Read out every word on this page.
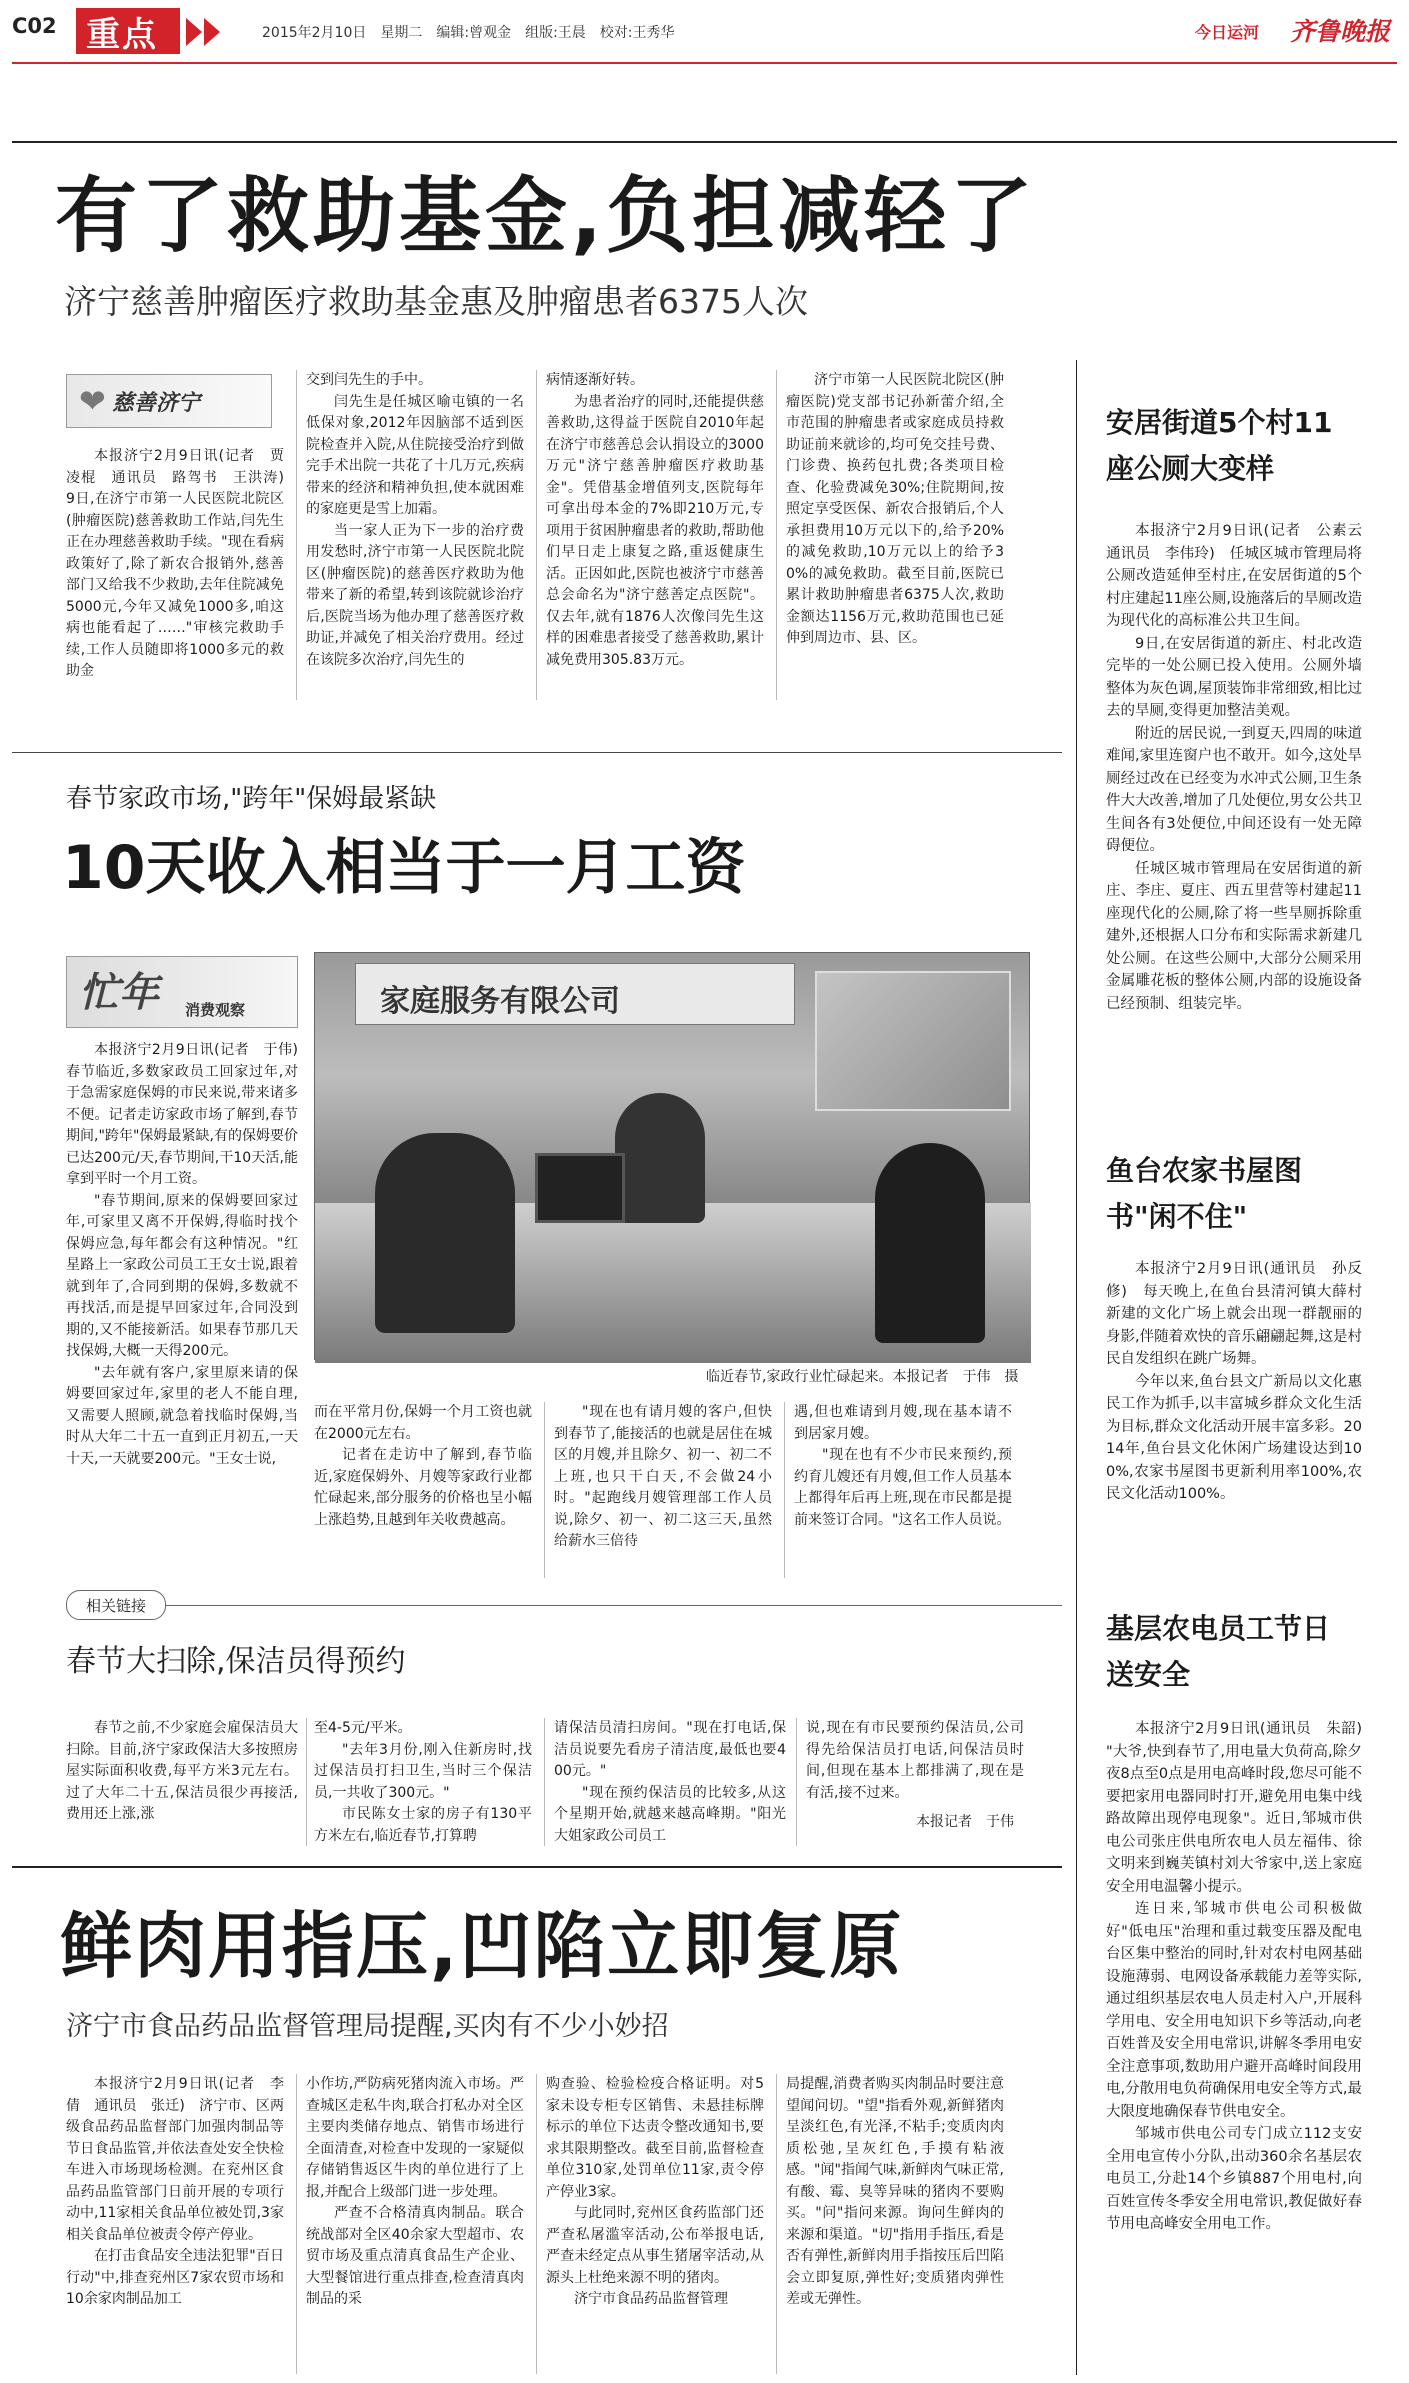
C02 重点	2015年2月10日　星期二　编辑:曾观金　组版:王晨　校对:王秀华	今日运河 齐鲁晚报
有了救助基金,负担减轻了
济宁慈善肿瘤医疗救助基金惠及肿瘤患者6375人次
❤ 慈善济宁

本报济宁2月9日讯(记者　贾凌棍　通讯员　路驾书　王洪涛)　9日,在济宁市第一人民医院北院区(肿瘤医院)慈善救助工作站,闫先生正在办理慈善救助手续。"现在看病政策好了,除了新农合报销外,慈善部门又给我不少救助,去年住院减免5000元,今年又减免1000多,咱这病也能看起了……"审核完救助手续,工作人员随即将1000多元的救助金

交到闫先生的手中。

闫先生是任城区喻屯镇的一名低保对象,2012年因脑部不适到医院检查并入院,从住院接受治疗到做完手术出院一共花了十几万元,疾病带来的经济和精神负担,使本就困难的家庭更是雪上加霜。

当一家人正为下一步的治疗费用发愁时,济宁市第一人民医院北院区(肿瘤医院)的慈善医疗救助为他带来了新的希望,转到该院就诊治疗后,医院当场为他办理了慈善医疗救助证,并减免了相关治疗费用。经过在该院多次治疗,闫先生的

病情逐渐好转。

为患者治疗的同时,还能提供慈善救助,这得益于医院自2010年起在济宁市慈善总会认捐设立的3000万元"济宁慈善肿瘤医疗救助基金"。凭借基金增值列支,医院每年可拿出母本金的7%即210万元,专项用于贫困肿瘤患者的救助,帮助他们早日走上康复之路,重返健康生活。正因如此,医院也被济宁市慈善总会命名为"济宁慈善定点医院"。仅去年,就有1876人次像闫先生这样的困难患者接受了慈善救助,累计减免费用305.83万元。

济宁市第一人民医院北院区(肿瘤医院)党支部书记孙新蕾介绍,全市范围的肿瘤患者或家庭成员持救助证前来就诊的,均可免交挂号费、门诊费、换药包扎费;各类项目检查、化验费减免30%;住院期间,按照定享受医保、新农合报销后,个人承担费用10万元以下的,给予20%的减免救助,10万元以上的给予30%的减免救助。截至目前,医院已累计救助肿瘤患者6375人次,救助金额达1156万元,救助范围也已延伸到周边市、县、区。

春节家政市场,"跨年"保姆最紧缺
10天收入相当于一月工资
忙年 消费观察	家庭服务有限公司
临近春节,家政行业忙碌起来。本报记者　于伟　摄

本报济宁2月9日讯(记者　于伟)　春节临近,多数家政员工回家过年,对于急需家庭保姆的市民来说,带来诸多不便。记者走访家政市场了解到,春节期间,"跨年"保姆最紧缺,有的保姆要价已达200元/天,春节期间,干10天活,能拿到平时一个月工资。

"春节期间,原来的保姆要回家过年,可家里又离不开保姆,得临时找个保姆应急,每年都会有这种情况。"红星路上一家政公司员工王女士说,跟着就到年了,合同到期的保姆,多数就不再找活,而是提早回家过年,合同没到期的,又不能接新活。如果春节那几天找保姆,大概一天得200元。

"去年就有客户,家里原来请的保姆要回家过年,家里的老人不能自理,又需要人照顾,就急着找临时保姆,当时从大年二十五一直到正月初五,一天十天,一天就要200元。"王女士说,

而在平常月份,保姆一个月工资也就在2000元左右。

记者在走访中了解到,春节临近,家庭保姆外、月嫂等家政行业都忙碌起来,部分服务的价格也呈小幅上涨趋势,且越到年关收费越高。

"现在也有请月嫂的客户,但快到春节了,能接活的也就是居住在城区的月嫂,并且除夕、初一、初二不上班,也只干白天,不会做24小时。"起跑线月嫂管理部工作人员说,除夕、初一、初二这三天,虽然给薪水三倍待

遇,但也难请到月嫂,现在基本请不到居家月嫂。

"现在也有不少市民来预约,预约育儿嫂还有月嫂,但工作人员基本上都得年后再上班,现在市民都是提前来签订合同。"这名工作人员说。

相关链接
春节大扫除,保洁员得预约

春节之前,不少家庭会雇保洁员大扫除。目前,济宁家政保洁大多按照房屋实际面积收费,每平方米3元左右。过了大年二十五,保洁员很少再接活,费用还上涨,涨

至4-5元/平米。

"去年3月份,刚入住新房时,找过保洁员打扫卫生,当时三个保洁员,一共收了300元。"

市民陈女士家的房子有130平方米左右,临近春节,打算聘

请保洁员清扫房间。"现在打电话,保洁员说要先看房子清洁度,最低也要400元。"

"现在预约保洁员的比较多,从这个星期开始,就越来越高峰期。"阳光大姐家政公司员工

说,现在有市民要预约保洁员,公司得先给保洁员打电话,问保洁员时间,但现在基本上都排满了,现在是有活,接不过来。

本报记者　于伟

鲜肉用指压,凹陷立即复原
济宁市食品药品监督管理局提醒,买肉有不少小妙招

本报济宁2月9日讯(记者　李倩　通讯员　张迁)　济宁市、区两级食品药品监督部门加强肉制品等节日食品监管,并依法查处安全快检车进入市场现场检测。在兖州区食品药品监管部门日前开展的专项行动中,11家相关食品单位被处罚,3家相关食品单位被责令停产停业。

在打击食品安全违法犯罪"百日行动"中,排查兖州区7家农贸市场和10余家肉制品加工

小作坊,严防病死猪肉流入市场。严查城区走私牛肉,联合打私办对全区主要肉类储存地点、销售市场进行全面清查,对检查中发现的一家疑似存储销售返区牛肉的单位进行了上报,并配合上级部门进一步处理。

严查不合格清真肉制品。联合统战部对全区40余家大型超市、农贸市场及重点清真食品生产企业、大型餐馆进行重点排查,检查清真肉制品的采

购查验、检验检疫合格证明。对5家未设专柜专区销售、未悬挂标牌标示的单位下达责令整改通知书,要求其限期整改。截至目前,监督检查单位310家,处罚单位11家,责令停产停业3家。

与此同时,兖州区食药监部门还严查私屠滥宰活动,公布举报电话,严查未经定点从事生猪屠宰活动,从源头上杜绝来源不明的猪肉。

济宁市食品药品监督管理

局提醒,消费者购买肉制品时要注意望闻问切。"望"指看外观,新鲜猪肉呈淡红色,有光泽,不粘手;变质肉肉质松弛,呈灰红色,手摸有粘液感。"闻"指闻气味,新鲜肉气味正常,有酸、霉、臭等异味的猪肉不要购买。"问"指问来源。询问生鲜肉的来源和渠道。"切"指用手指压,看是否有弹性,新鲜肉用手指按压后凹陷会立即复原,弹性好;变质猪肉弹性差或无弹性。

安居街道5个村11座公厕大变样

本报济宁2月9日讯(记者　公素云　通讯员　李伟玲)　任城区城市管理局将公厕改造延伸至村庄,在安居街道的5个村庄建起11座公厕,设施落后的旱厕改造为现代化的高标准公共卫生间。

9日,在安居街道的新庄、村北改造完毕的一处公厕已投入使用。公厕外墙整体为灰色调,屋顶装饰非常细致,相比过去的旱厕,变得更加整洁美观。

附近的居民说,一到夏天,四周的味道难闻,家里连窗户也不敢开。如今,这处旱厕经过改在已经变为水冲式公厕,卫生条件大大改善,增加了几处便位,男女公共卫生间各有3处便位,中间还设有一处无障碍便位。

任城区城市管理局在安居街道的新庄、李庄、夏庄、西五里营等村建起11座现代化的公厕,除了将一些旱厕拆除重建外,还根据人口分布和实际需求新建几处公厕。在这些公厕中,大部分公厕采用金属雕花板的整体公厕,内部的设施设备已经预制、组装完毕。

鱼台农家书屋图书"闲不住"

本报济宁2月9日讯(通讯员　孙反修)　每天晚上,在鱼台县清河镇大薛村新建的文化广场上就会出现一群靓丽的身影,伴随着欢快的音乐翩翩起舞,这是村民自发组织在跳广场舞。

今年以来,鱼台县文广新局以文化惠民工作为抓手,以丰富城乡群众文化生活为目标,群众文化活动开展丰富多彩。2014年,鱼台县文化休闲广场建设达到100%,农家书屋图书更新利用率100%,农民文化活动100%。

基层农电员工节日送安全

本报济宁2月9日讯(通讯员　朱韶)　"大爷,快到春节了,用电量大负荷高,除夕夜8点至0点是用电高峰时段,您尽可能不要把家用电器同时打开,避免用电集中线路故障出现停电现象"。近日,邹城市供电公司张庄供电所农电人员左福伟、徐文明来到巍芙镇村刘大爷家中,送上家庭安全用电温馨小提示。

连日来,邹城市供电公司积极做好"低电压"治理和重过载变压器及配电台区集中整治的同时,针对农村电网基础设施薄弱、电网设备承载能力差等实际,通过组织基层农电人员走村入户,开展科学用电、安全用电知识下乡等活动,向老百姓普及安全用电常识,讲解冬季用电安全注意事项,数助用户避开高峰时间段用电,分散用电负荷确保用电安全等方式,最大限度地确保春节供电安全。

邹城市供电公司专门成立112支安全用电宣传小分队,出动360余名基层农电员工,分赴14个乡镇887个用电村,向百姓宣传冬季安全用电常识,教促做好春节用电高峰安全用电工作。
